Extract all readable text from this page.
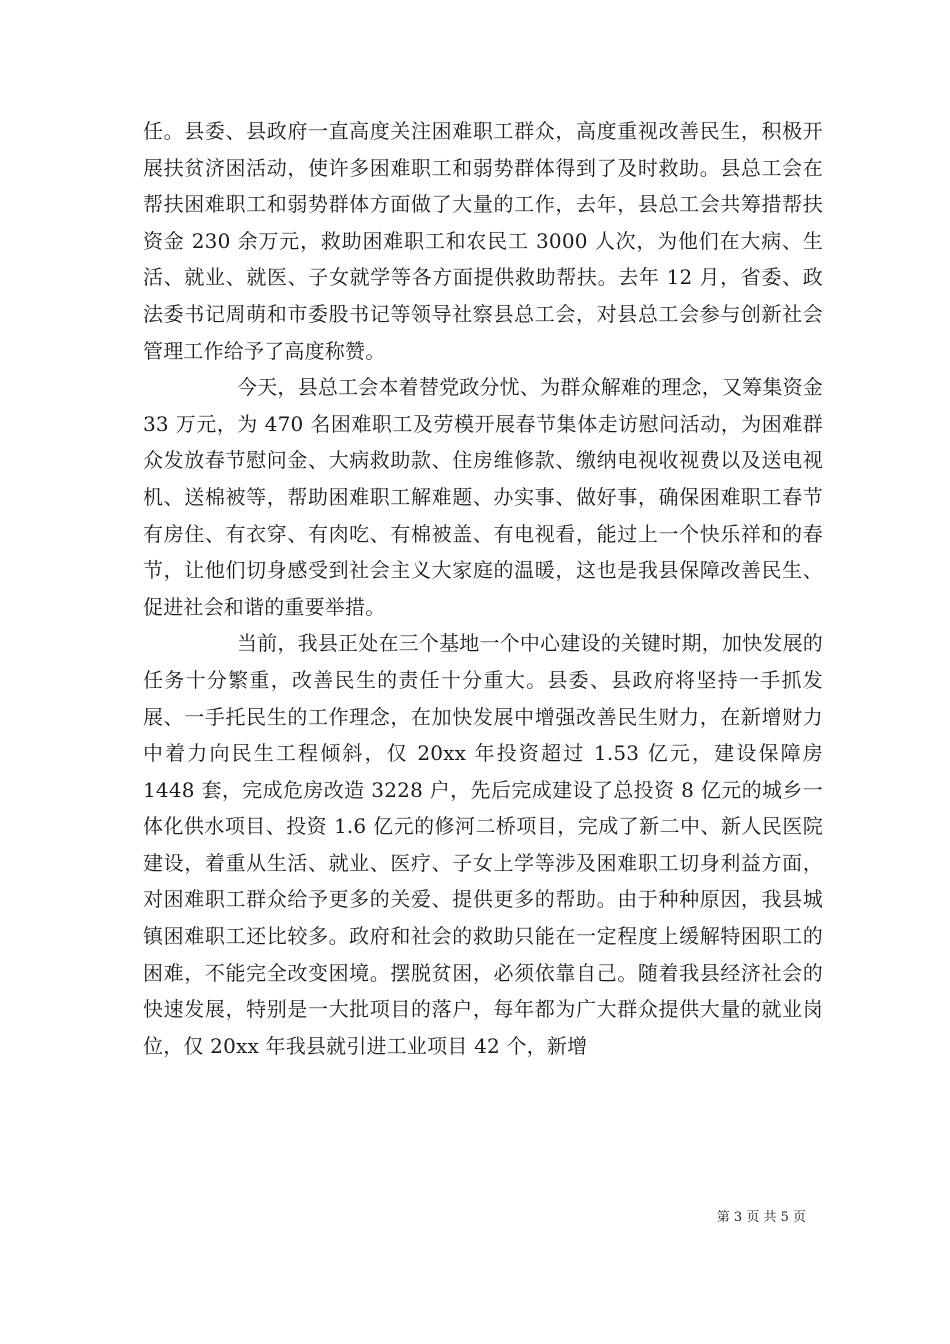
任。县委、县政府一直高度关注困难职工群众，高度重视改善民生，积极开展扶贫济困活动，使许多困难职工和弱势群体得到了及时救助。县总工会在帮扶困难职工和弱势群体方面做了大量的工作，去年，县总工会共筹措帮扶资金 230 余万元，救助困难职工和农民工 3000 人次，为他们在大病、生活、就业、就医、子女就学等各方面提供救助帮扶。去年 12 月，省委、政法委书记周萌和市委股书记等领导社察县总工会，对县总工会参与创新社会管理工作给予了高度称赞。

今天，县总工会本着替党政分忧、为群众解难的理念，又筹集资金 33 万元，为 470 名困难职工及劳模开展春节集体走访慰问活动，为困难群众发放春节慰问金、大病救助款、住房维修款、缴纳电视收视费以及送电视机、送棉被等，帮助困难职工解难题、办实事、做好事，确保困难职工春节有房住、有衣穿、有肉吃、有棉被盖、有电视看，能过上一个快乐祥和的春节，让他们切身感受到社会主义大家庭的温暖，这也是我县保障改善民生、促进社会和谐的重要举措。

当前，我县正处在三个基地一个中心建设的关键时期，加快发展的任务十分繁重，改善民生的责任十分重大。县委、县政府将坚持一手抓发展、一手托民生的工作理念，在加快发展中增强改善民生财力，在新增财力中着力向民生工程倾斜，仅 20xx 年投资超过 1.53 亿元，建设保障房 1448 套，完成危房改造 3228 户，先后完成建设了总投资 8 亿元的城乡一体化供水项目、投资 1.6 亿元的修河二桥项目，完成了新二中、新人民医院建设，着重从生活、就业、医疗、子女上学等涉及困难职工切身利益方面，对困难职工群众给予更多的关爱、提供更多的帮助。由于种种原因，我县城镇困难职工还比较多。政府和社会的救助只能在一定程度上缓解特困职工的困难，不能完全改变困境。摆脱贫困，必须依靠自己。随着我县经济社会的快速发展，特别是一大批项目的落户，每年都为广大群众提供大量的就业岗位，仅 20xx 年我县就引进工业项目 42 个，新增

第 3 页 共 5 页
